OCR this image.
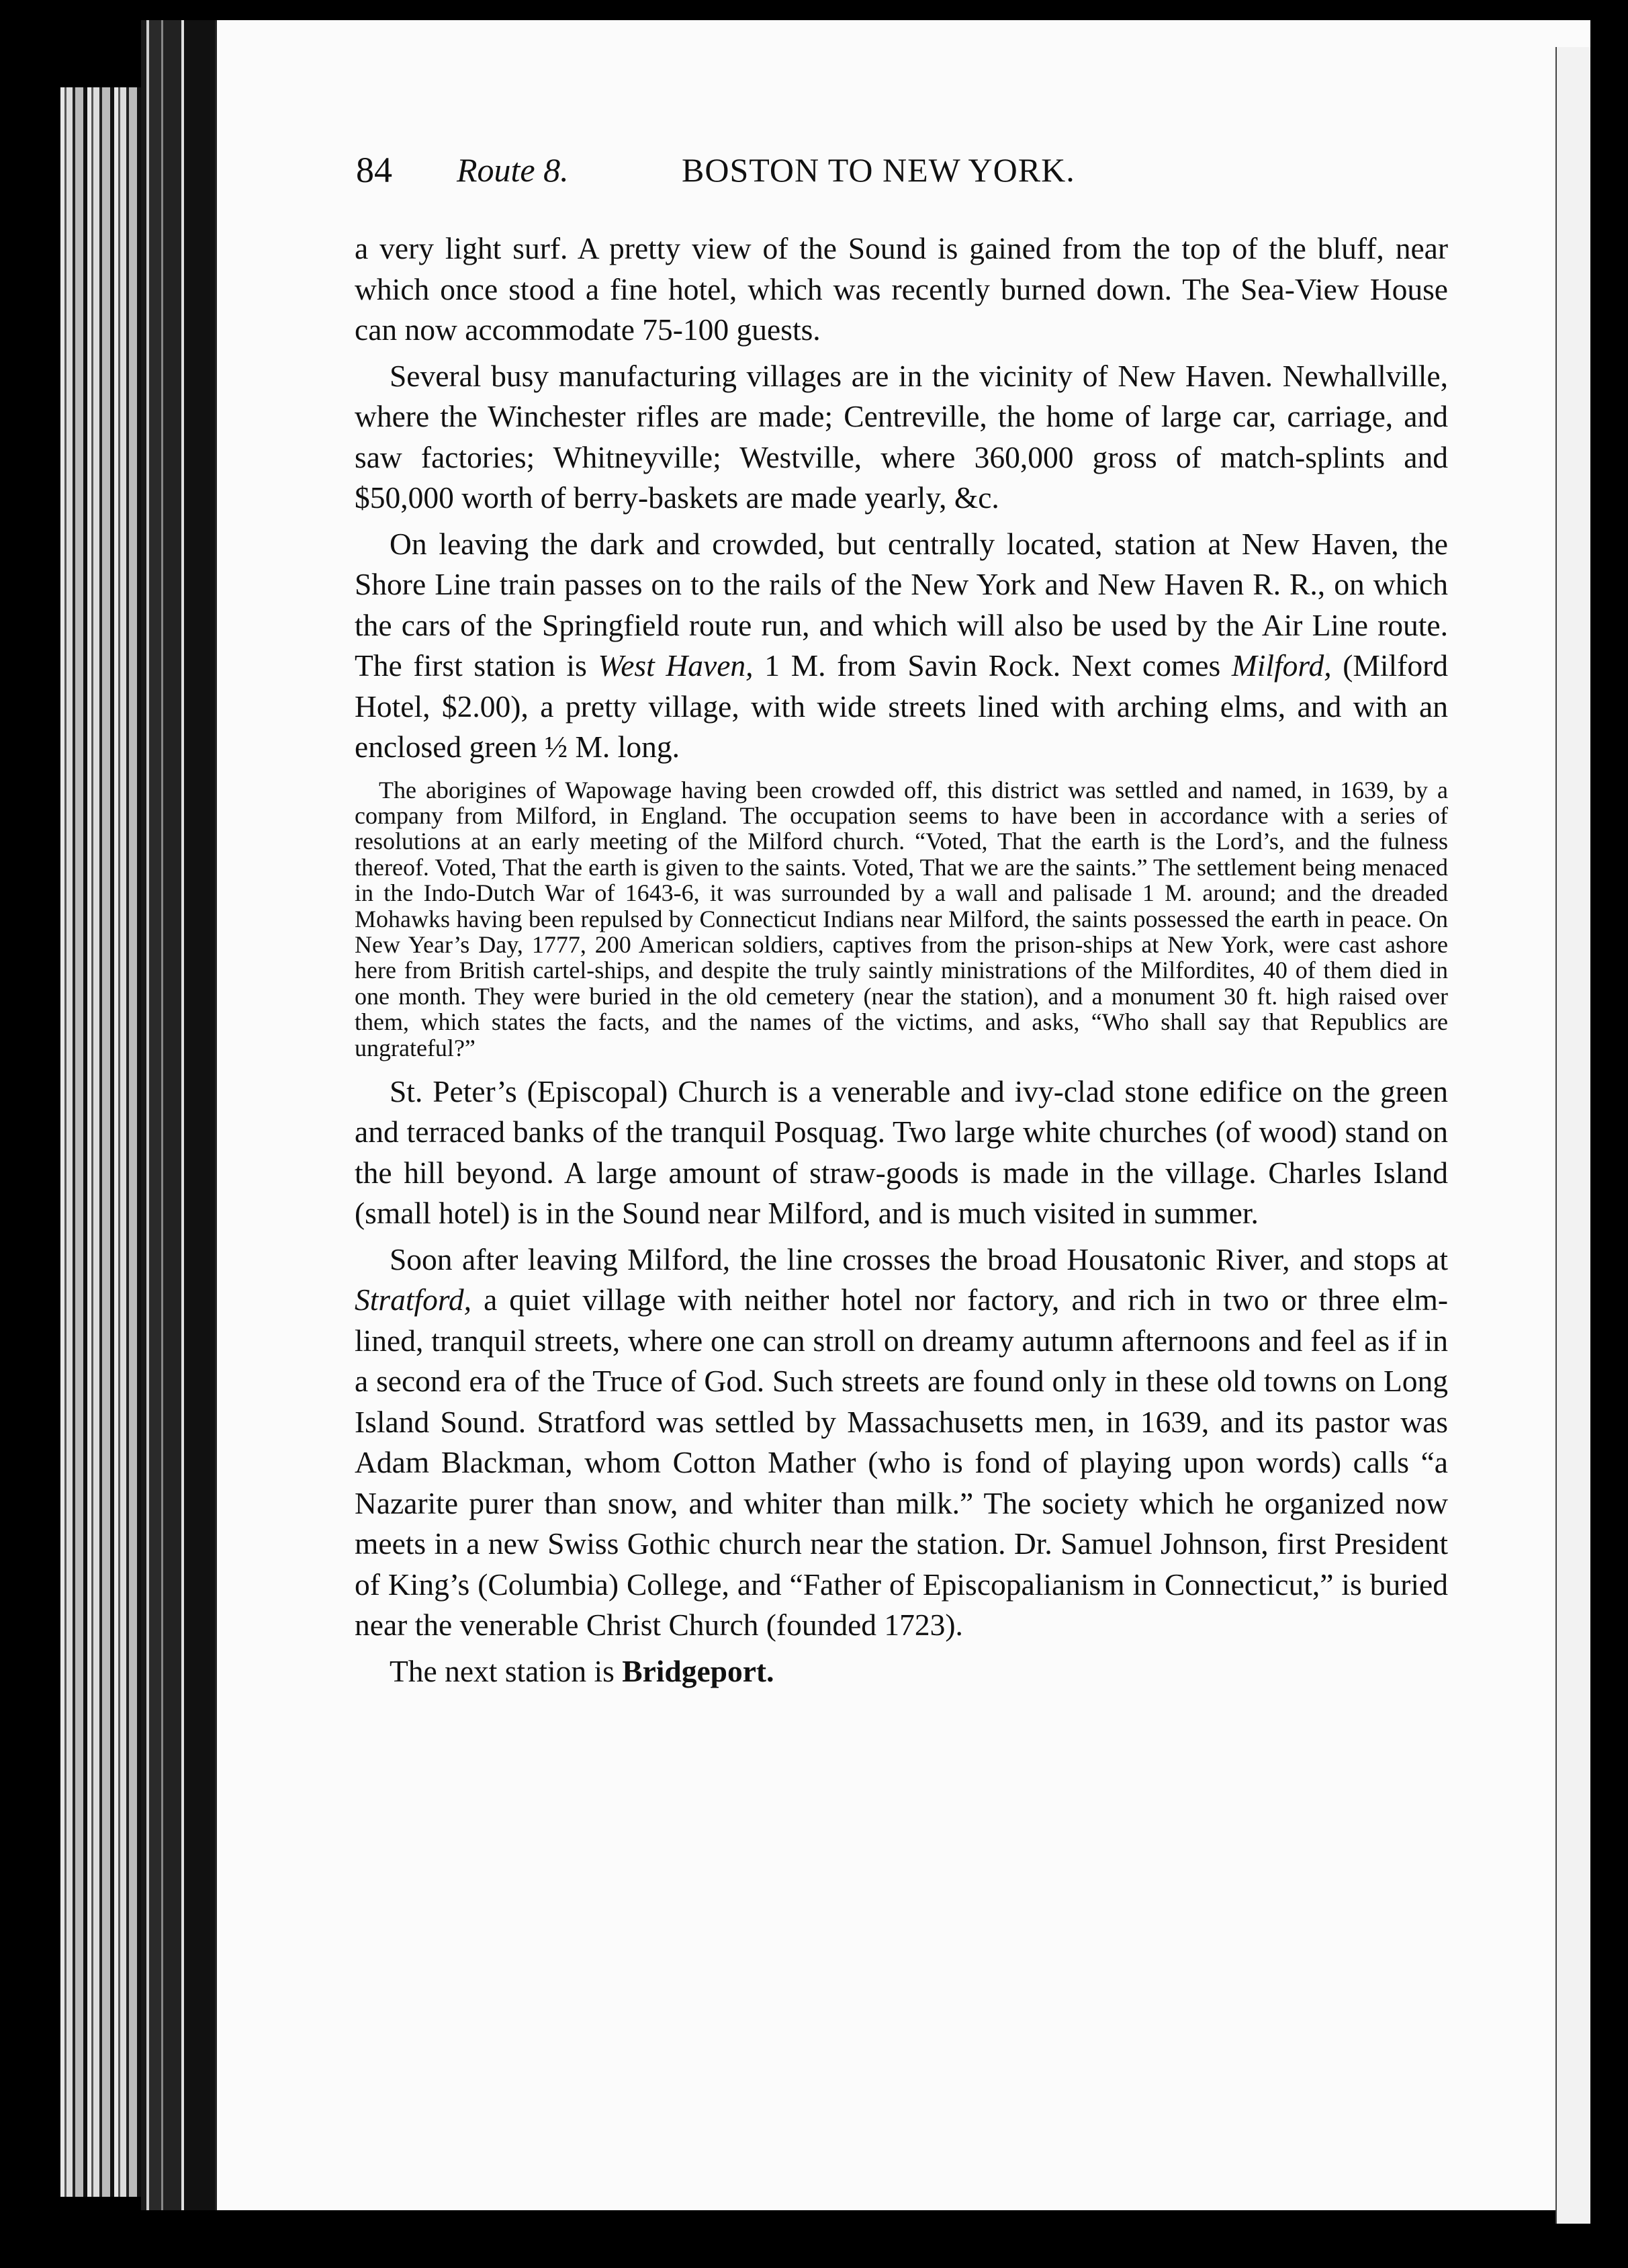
84 Route 8.	BOSTON TO NEW YORK.

a very light surf. A pretty view of the Sound is gained from the top of the bluff, near which once stood a fine hotel, which was recently burned down. The Sea-View House can now accommodate 75-100 guests.

Several busy manufacturing villages are in the vicinity of New Haven. Newhallville, where the Winchester rifles are made; Centreville, the home of large car, carriage, and saw factories; Whitneyville; Westville, where 360,000 gross of match-splints and $50,000 worth of berry-baskets are made yearly, &c.

On leaving the dark and crowded, but centrally located, station at New Haven, the Shore Line train passes on to the rails of the New York and New Haven R. R., on which the cars of the Springfield route run, and which will also be used by the Air Line route. The first station is West Haven, 1 M. from Savin Rock. Next comes Milford, (Milford Hotel, $2.00), a pretty village, with wide streets lined with arching elms, and with an enclosed green ½ M. long.

The aborigines of Wapowage having been crowded off, this district was settled and named, in 1639, by a company from Milford, in England. The occupation seems to have been in accordance with a series of resolutions at an early meeting of the Milford church. “Voted, That the earth is the Lord’s, and the fulness thereof. Voted, That the earth is given to the saints. Voted, That we are the saints.” The settlement being menaced in the Indo-Dutch War of 1643-6, it was surrounded by a wall and palisade 1 M. around; and the dreaded Mohawks having been repulsed by Connecticut Indians near Milford, the saints possessed the earth in peace. On New Year’s Day, 1777, 200 American soldiers, captives from the prison-ships at New York, were cast ashore here from British cartel-ships, and despite the truly saintly ministrations of the Milfordites, 40 of them died in one month. They were buried in the old cemetery (near the station), and a monument 30 ft. high raised over them, which states the facts, and the names of the victims, and asks, “Who shall say that Republics are ungrateful?”

St. Peter’s (Episcopal) Church is a venerable and ivy-clad stone edifice on the green and terraced banks of the tranquil Posquag. Two large white churches (of wood) stand on the hill beyond. A large amount of straw-goods is made in the village. Charles Island (small hotel) is in the Sound near Milford, and is much visited in summer.

Soon after leaving Milford, the line crosses the broad Housatonic River, and stops at Stratford, a quiet village with neither hotel nor factory, and rich in two or three elm-lined, tranquil streets, where one can stroll on dreamy autumn afternoons and feel as if in a second era of the Truce of God. Such streets are found only in these old towns on Long Island Sound. Stratford was settled by Massachusetts men, in 1639, and its pastor was Adam Blackman, whom Cotton Mather (who is fond of playing upon words) calls “a Nazarite purer than snow, and whiter than milk.” The society which he organized now meets in a new Swiss Gothic church near the station. Dr. Samuel Johnson, first President of King’s (Columbia) College, and “Father of Episcopalianism in Connecticut,” is buried near the venerable Christ Church (founded 1723).

The next station is Bridgeport.
